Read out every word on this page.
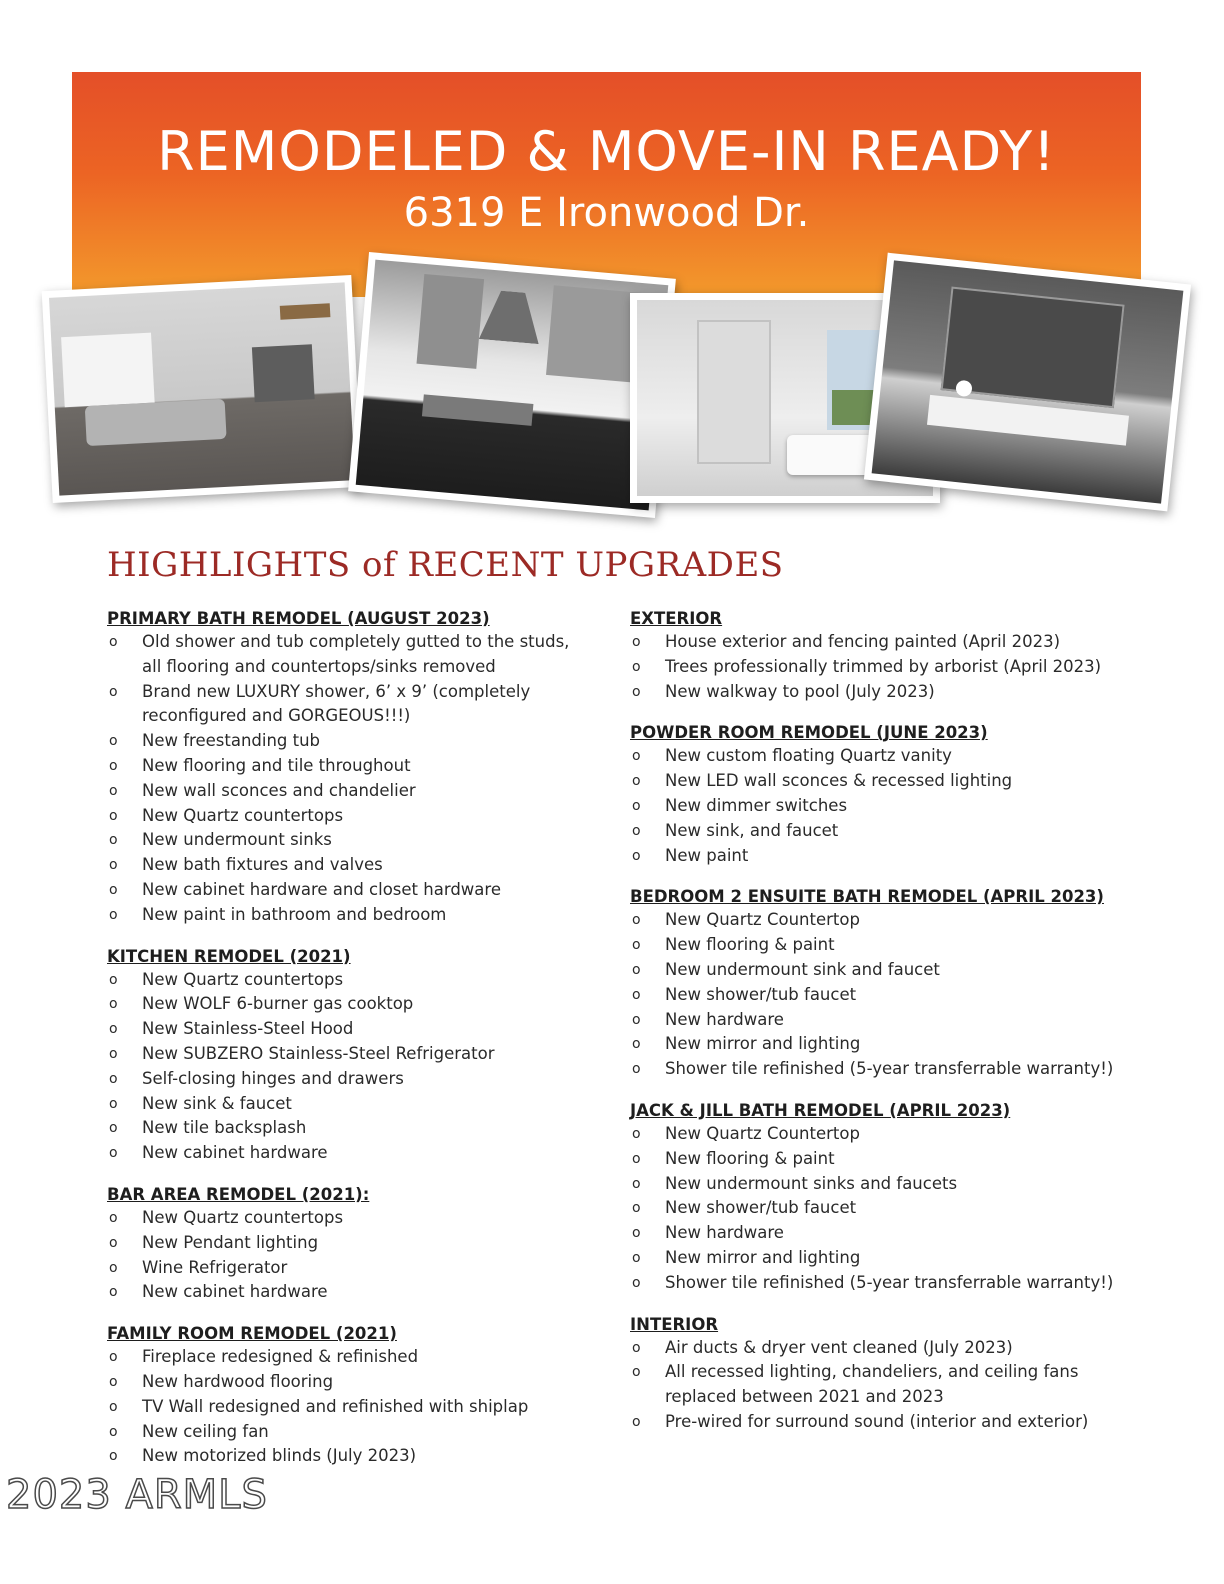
REMODELED & MOVE-IN READY!
6319 E Ironwood Dr.
HIGHLIGHTS of RECENT UPGRADES
PRIMARY BATH REMODEL (AUGUST 2023)
o Old shower and tub completely gutted to the studs, all flooring and countertops/sinks removed
o Brand new LUXURY shower, 6’ x 9’ (completely reconfigured and GORGEOUS!!!)
o New freestanding tub
o New flooring and tile throughout
o New wall sconces and chandelier
o New Quartz countertops
o New undermount sinks
o New bath fixtures and valves
o New cabinet hardware and closet hardware
o New paint in bathroom and bedroom
KITCHEN REMODEL (2021)
o New Quartz countertops
o New WOLF 6-burner gas cooktop
o New Stainless-Steel Hood
o New SUBZERO Stainless-Steel Refrigerator
o Self-closing hinges and drawers
o New sink & faucet
o New tile backsplash
o New cabinet hardware
BAR AREA REMODEL (2021):
o New Quartz countertops
o New Pendant lighting
o Wine Refrigerator
o New cabinet hardware
FAMILY ROOM REMODEL (2021)
o Fireplace redesigned & refinished
o New hardwood flooring
o TV Wall redesigned and refinished with shiplap
o New ceiling fan
o New motorized blinds (July 2023)
EXTERIOR
o House exterior and fencing painted (April 2023)
o Trees professionally trimmed by arborist (April 2023)
o New walkway to pool (July 2023)
POWDER ROOM REMODEL (JUNE 2023)
o New custom floating Quartz vanity
o New LED wall sconces & recessed lighting
o New dimmer switches
o New sink, and faucet
o New paint
BEDROOM 2 ENSUITE BATH REMODEL (APRIL 2023)
o New Quartz Countertop
o New flooring & paint
o New undermount sink and faucet
o New shower/tub faucet
o New hardware
o New mirror and lighting
o Shower tile refinished (5-year transferrable warranty!)
JACK & JILL BATH REMODEL (APRIL 2023)
o New Quartz Countertop
o New flooring & paint
o New undermount sinks and faucets
o New shower/tub faucet
o New hardware
o New mirror and lighting
o Shower tile refinished (5-year transferrable warranty!)
INTERIOR
o Air ducts & dryer vent cleaned (July 2023)
o All recessed lighting, chandeliers, and ceiling fans replaced between 2021 and 2023
o Pre-wired for surround sound (interior and exterior)
2023 ARMLS
